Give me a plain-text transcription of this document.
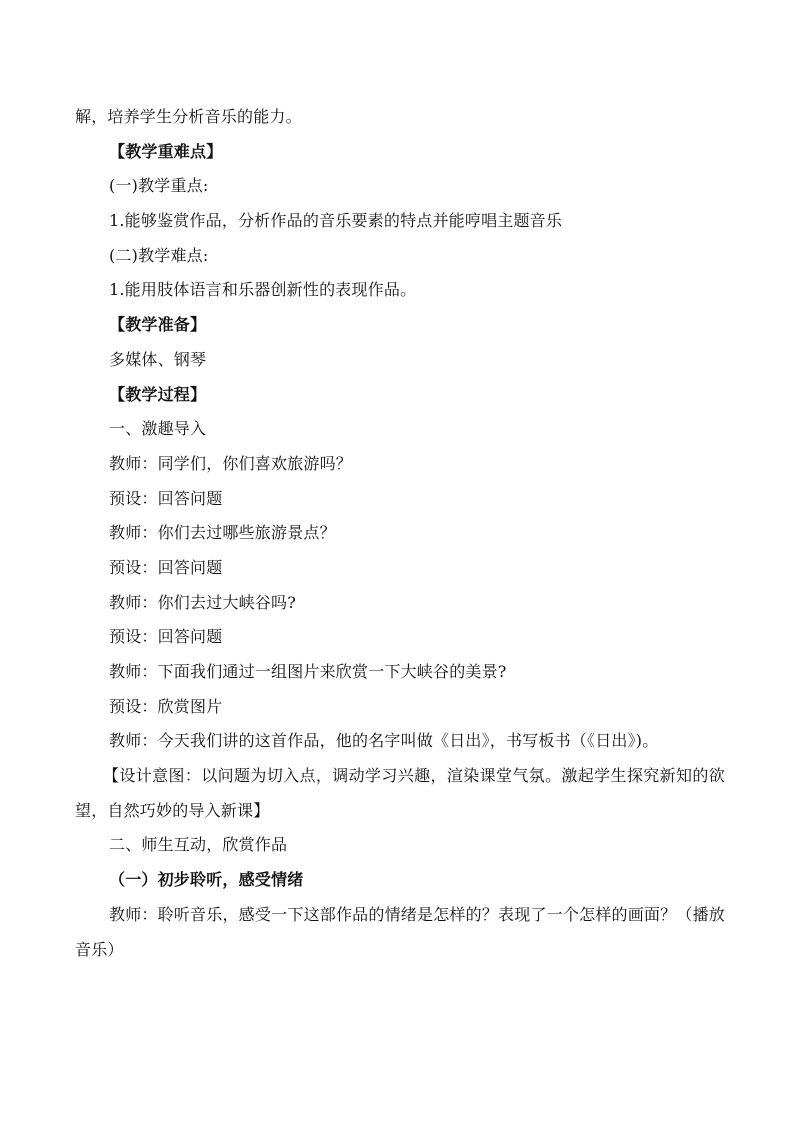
解，培养学生分析音乐的能力。
【教学重难点】
(一)教学重点:
1.能够鉴赏作品，分析作品的音乐要素的特点并能哼唱主题音乐
(二)教学难点:
1.能用肢体语言和乐器创新性的表现作品。
【教学准备】
多媒体、钢琴
【教学过程】
一、激趣导入
教师：同学们，你们喜欢旅游吗？
预设：回答问题
教师：你们去过哪些旅游景点？
预设：回答问题
教师：你们去过大峡谷吗?
预设：回答问题
教师：下面我们通过一组图片来欣赏一下大峡谷的美景?
预设：欣赏图片
教师：今天我们讲的这首作品，他的名字叫做《日出》，书写板书（《日出》)。
【设计意图：以问题为切入点，调动学习兴趣，渲染课堂气氛。激起学生探究新知的欲望，自然巧妙的导入新课】
二、师生互动，欣赏作品
（一）初步聆听，感受情绪
教师：聆听音乐，感受一下这部作品的情绪是怎样的？表现了一个怎样的画面？（播放音乐）
